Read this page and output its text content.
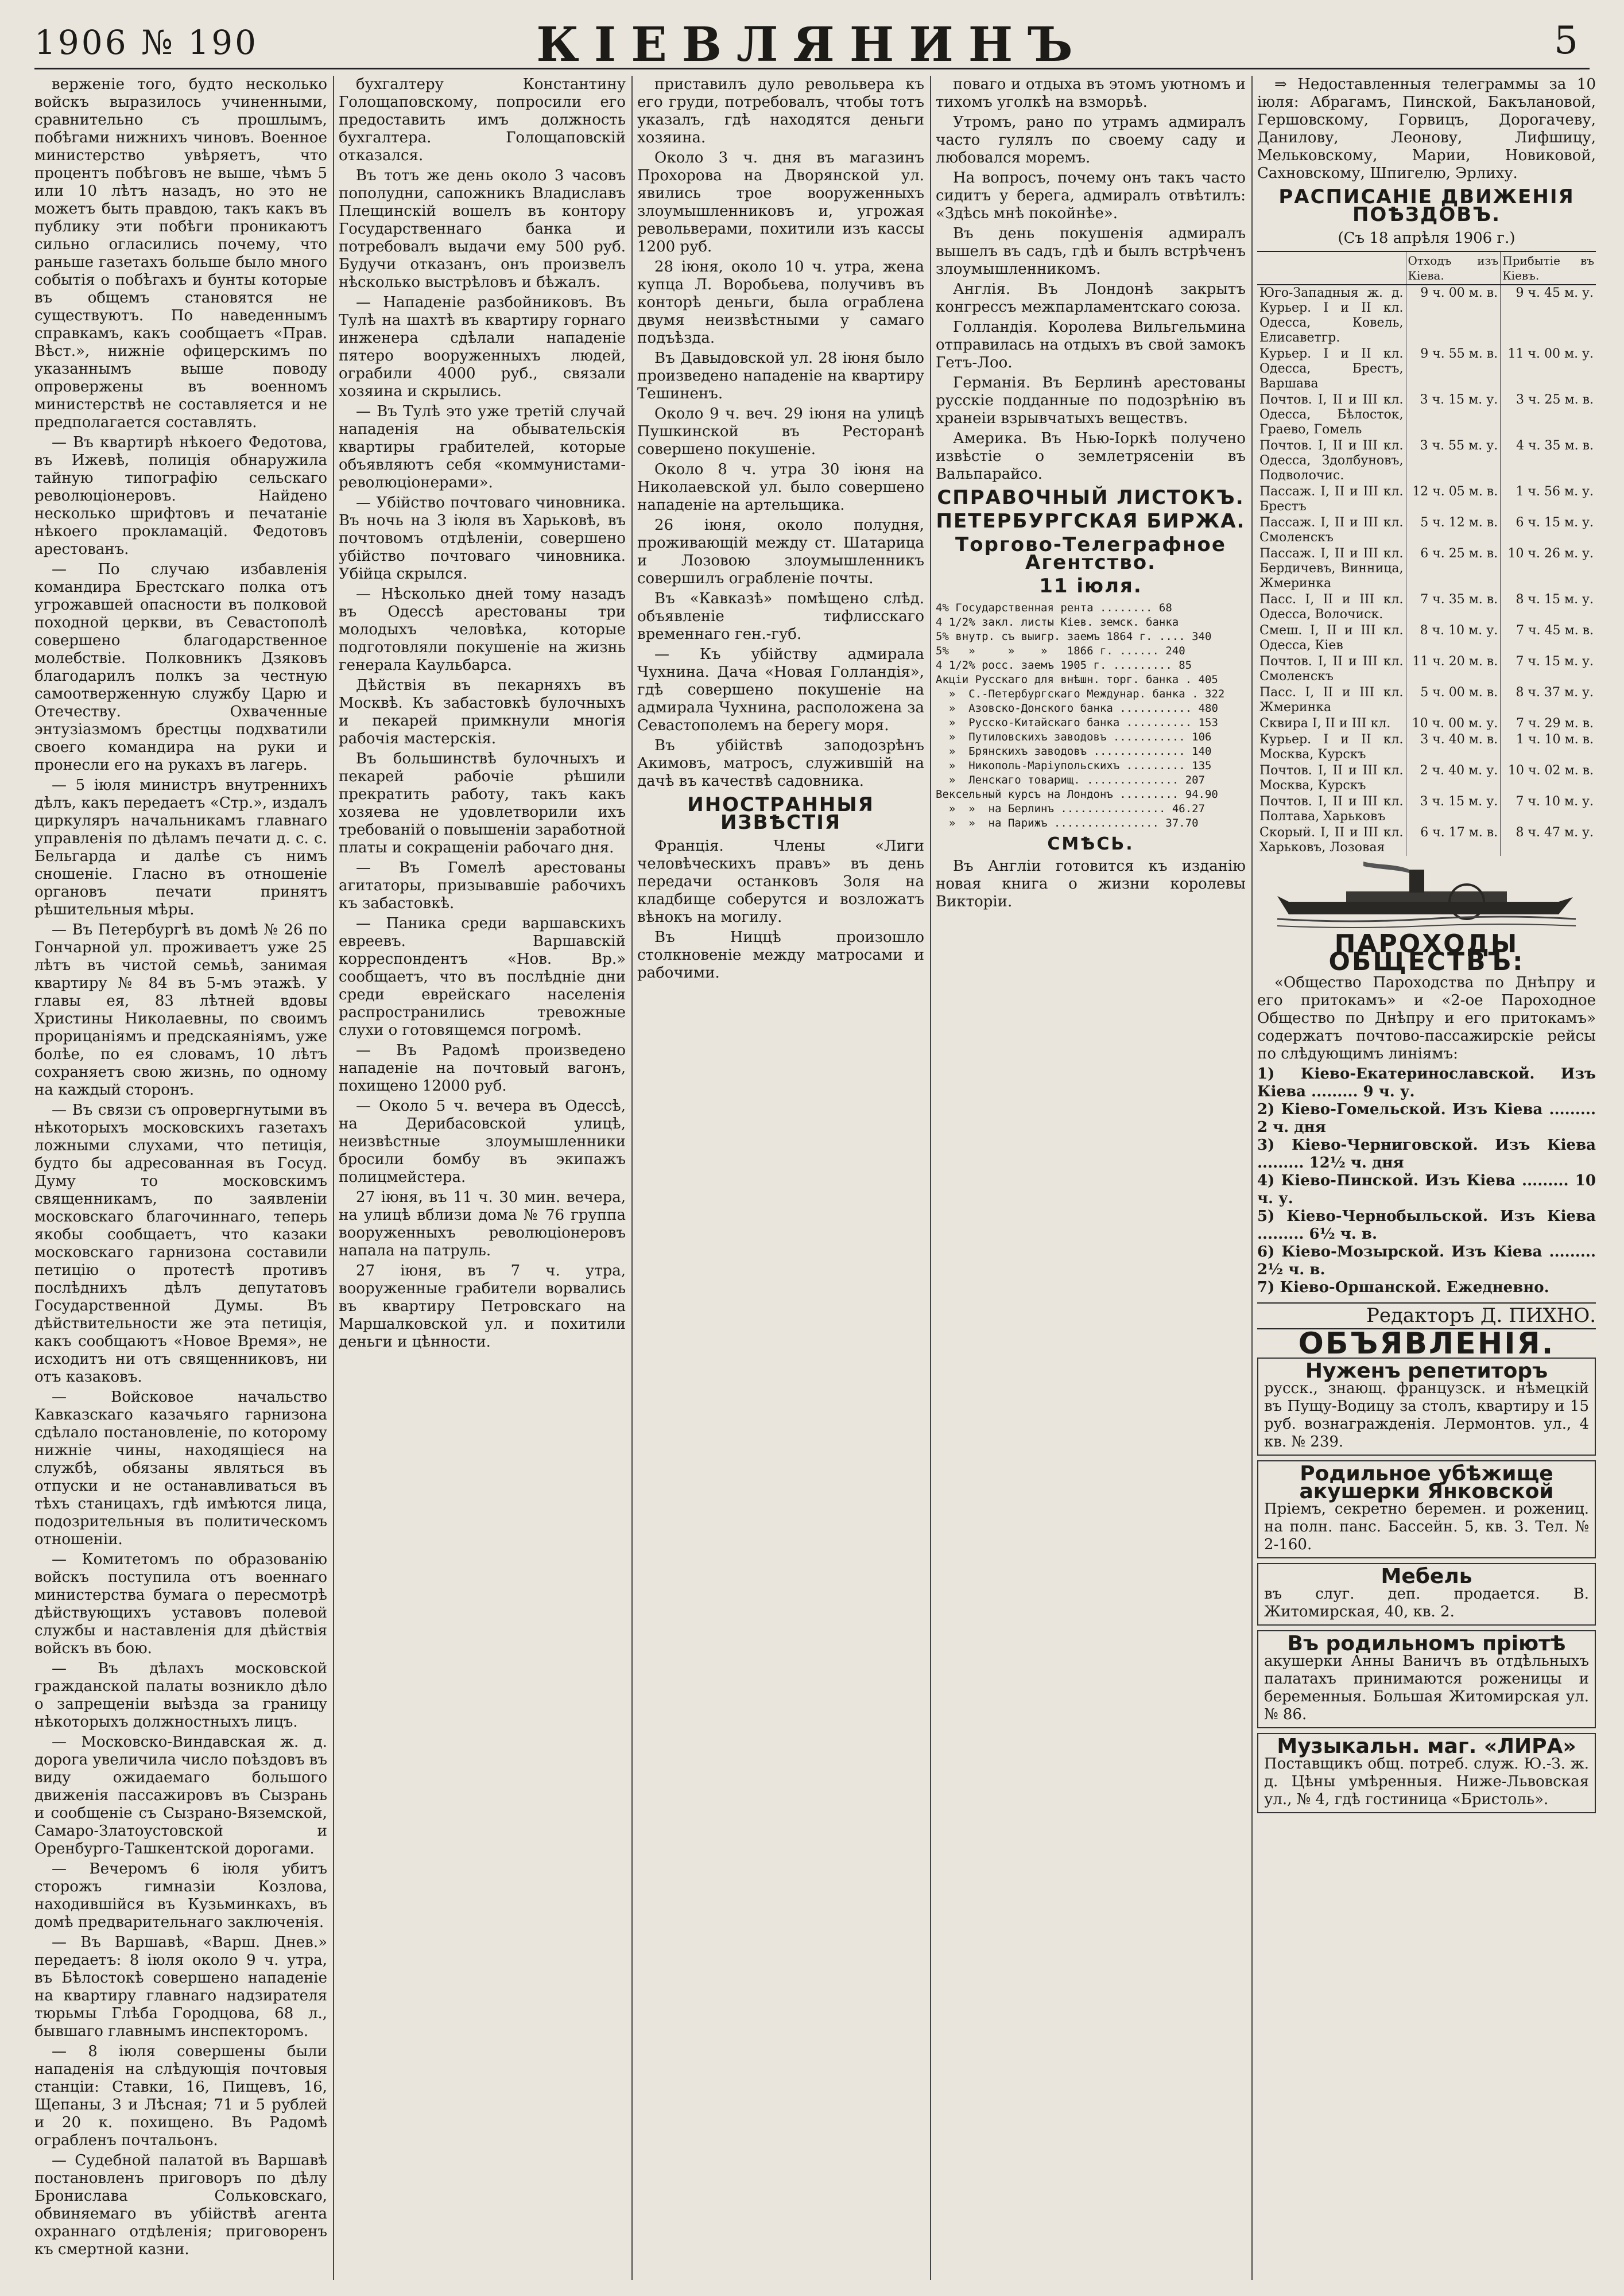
1906 № 190	КІЕВЛЯНИНЪ	5

верженіе того, будто несколько войскъ выразилось учиненными, сравнительно съ прошлымъ, побѣгами нижнихъ чиновъ. Военное министерство увѣряетъ, что процентъ побѣговъ не выше, чѣмъ 5 или 10 лѣтъ назадъ, но это не можетъ быть правдою, такъ какъ въ публику эти побѣги проникаютъ сильно огласились почему, что раньше газетахъ больше было много событія о побѣгахъ и бунты которые въ общемъ становятся не существуютъ. По наведеннымъ справкамъ, какъ сообщаетъ «Прав. Вѣст.», нижніе офицерскимъ по указаннымъ выше поводу опровержены въ военномъ министерствѣ не составляется и не предполагается составлять.

— Въ квартирѣ нѣкоего Федотова, въ Ижевѣ, полиція обнаружила тайную типографію сельскаго революціонеровъ. Найдено несколько шрифтовъ и печатаніе нѣкоего прокламацій. Федотовъ арестованъ.

— По случаю избавленія командира Брестскаго полка отъ угрожавшей опасности въ полковой походной церкви, въ Севастополѣ совершено благодарственное молебствіе. Полковникъ Дзяковъ благодарилъ полкъ за честную самоотверженную службу Царю и Отечеству. Охваченные энтузіазмомъ брестцы подхватили своего командира на руки и пронесли его на рукахъ въ лагерь.

— 5 іюля министръ внутреннихъ дѣлъ, какъ передаетъ «Стр.», издалъ циркуляръ начальникамъ главнаго управленія по дѣламъ печати д. с. с. Бельгарда и далѣе съ нимъ сношеніе. Гласно въ отношеніе органовъ печати принятъ рѣшительныя мѣры.

— Въ Петербургѣ въ домѣ № 26 по Гончарной ул. проживаетъ уже 25 лѣтъ въ чистой семьѣ, занимая квартиру № 84 въ 5-мъ этажѣ. У главы ея, 83 лѣтней вдовы Христины Николаевны, по своимъ прорицаніямъ и предскаяніямъ, уже болѣе, по ея словамъ, 10 лѣтъ сохраняетъ свою жизнь, по одному на каждый сторонъ.

— Въ связи съ опровергнутыми въ нѣкоторыхъ московскихъ газетахъ ложными слухами, что петиція, будто бы адресованная въ Госуд. Думу то московскимъ священникамъ, по заявленіи московскаго благочиннаго, теперь якобы сообщаетъ, что казаки московскаго гарнизона составили петицію о протестѣ противъ послѣднихъ дѣлъ депутатовъ Государственной Думы. Въ дѣйствительности же эта петиція, какъ сообщаютъ «Новое Время», не исходитъ ни отъ священниковъ, ни отъ казаковъ.

— Войсковое начальство Кавказскаго казачьяго гарнизона сдѣлало постановленіе, по которому нижніе чины, находящіеся на службѣ, обязаны являться въ отпуски и не останавливаться въ тѣхъ станицахъ, гдѣ имѣются лица, подозрительныя въ политическомъ отношеніи.

— Комитетомъ по образованію войскъ поступила отъ военнаго министерства бумага о пересмотрѣ дѣйствующихъ уставовъ полевой службы и наставленія для дѣйствія войскъ въ бою.

— Въ дѣлахъ московской гражданской палаты возникло дѣло о запрещеніи выѣзда за границу нѣкоторыхъ должностныхъ лицъ.

— Московско-Виндавская ж. д. дорога увеличила число поѣздовъ въ виду ожидаемаго большого движенія пассажировъ въ Сызрань и сообщеніе съ Сызрано-Вяземской, Самаро-Златоустовской и Оренбурго-Ташкентской дорогами.

— Вечеромъ 6 іюля убитъ сторожъ гимназіи Козлова, находившійся въ Кузьминкахъ, въ домѣ предварительнаго заключенія.

— Въ Варшавѣ, «Варш. Днев.» передаетъ: 8 іюля около 9 ч. утра, въ Бѣлостокѣ совершено нападеніе на квартиру главнаго надзирателя тюрьмы Глѣба Городцова, 68 л., бывшаго главнымъ инспекторомъ.

— 8 іюля совершены были нападенія на слѣдующія почтовыя станціи: Ставки, 16, Пищевъ, 16, Щепаны, 3 и Лѣсная; 71 и 5 рублей и 20 к. похищено. Въ Радомѣ ограбленъ почтальонъ.

— Судебной палатой въ Варшавѣ постановленъ приговоръ по дѣлу Бронислава Сольковскаго, обвиняемаго въ убійствѣ агента охраннаго отдѣленія; приговоренъ къ смертной казни.

бухгалтеру Константину Голощаповскому, попросили его предоставить имъ должность бухгалтера. Голощаповскій отказался.

Въ тотъ же день около 3 часовъ пополудни, сапожникъ Владиславъ Плещинскій вошелъ въ контору Государственнаго банка и потребовалъ выдачи ему 500 руб. Будучи отказанъ, онъ произвелъ нѣсколько выстрѣловъ и бѣжалъ.

— Нападеніе разбойниковъ. Въ Тулѣ на шахтѣ въ квартиру горнаго инженера сдѣлали нападеніе пятеро вооруженныхъ людей, ограбили 4000 руб., связали хозяина и скрылись.

— Въ Тулѣ это уже третій случай нападенія на обывательскія квартиры грабителей, которые объявляютъ себя «коммунистами-революціонерами».

— Убійство почтоваго чиновника. Въ ночь на 3 іюля въ Харьковѣ, въ почтовомъ отдѣленіи, совершено убійство почтоваго чиновника. Убійца скрылся.

— Нѣсколько дней тому назадъ въ Одессѣ арестованы три молодыхъ человѣка, которые подготовляли покушеніе на жизнь генерала Каульбарса.

Дѣйствія въ пекарняхъ въ Москвѣ. Къ забастовкѣ булочныхъ и пекарей примкнули многія рабочія мастерскія.

Въ большинствѣ булочныхъ и пекарей рабочіе рѣшили прекратить работу, такъ какъ хозяева не удовлетворили ихъ требованій о повышеніи заработной платы и сокращеніи рабочаго дня.

— Въ Гомелѣ арестованы агитаторы, призывавшіе рабочихъ къ забастовкѣ.

— Паника среди варшавскихъ евреевъ. Варшавскій корреспондентъ «Нов. Вр.» сообщаетъ, что въ послѣдніе дни среди еврейскаго населенія распространились тревожные слухи о готовящемся погромѣ.

— Въ Радомѣ произведено нападеніе на почтовый вагонъ, похищено 12000 руб.

— Около 5 ч. вечера въ Одессѣ, на Дерибасовской улицѣ, неизвѣстные злоумышленники бросили бомбу въ экипажъ полицмейстера.

27 іюня, въ 11 ч. 30 мин. вечера, на улицѣ вблизи дома № 76 группа вооруженныхъ революціонеровъ напала на патруль.

27 іюня, въ 7 ч. утра, вооруженные грабители ворвались въ квартиру Петровскаго на Маршалковской ул. и похитили деньги и цѣнности.

приставилъ дуло револьвера къ его груди, потребовалъ, чтобы тотъ указалъ, гдѣ находятся деньги хозяина.

Около 3 ч. дня въ магазинъ Прохорова на Дворянской ул. явились трое вооруженныхъ злоумышленниковъ и, угрожая револьверами, похитили изъ кассы 1200 руб.

28 іюня, около 10 ч. утра, жена купца Л. Воробьева, получивъ въ конторѣ деньги, была ограблена двумя неизвѣстными у самаго подъѣзда.

Въ Давыдовской ул. 28 іюня было произведено нападеніе на квартиру Тешиненъ.

Около 9 ч. веч. 29 іюня на улицѣ Пушкинской въ Ресторанѣ совершено покушеніе.

Около 8 ч. утра 30 іюня на Николаевской ул. было совершено нападеніе на артельщика.

26 іюня, около полудня, проживающій между ст. Шатарица и Лозовою злоумышленникъ совершилъ ограбленіе почты.

Въ «Кавказѣ» помѣщено слѣд. объявленіе тифлисскаго временнаго ген.-губ.

— Къ убійству адмирала Чухнина. Дача «Новая Голландія», гдѣ совершено покушеніе на адмирала Чухнина, расположена за Севастополемъ на берегу моря.

Въ убійствѣ заподозрѣнъ Акимовъ, матросъ, служившій на дачѣ въ качествѣ садовника.

ИНОСТРАННЫЯ ИЗВѢСТІЯ

Франція. Члены «Лиги человѣческихъ правъ» въ день передачи останковъ Золя на кладбище соберутся и возложатъ вѣнокъ на могилу.

Въ Ниццѣ произошло столкновеніе между матросами и рабочими.

поваго и отдыха въ этомъ уютномъ и тихомъ уголкѣ на взморьѣ.

Утромъ, рано по утрамъ адмиралъ часто гулялъ по своему саду и любовался моремъ.

На вопросъ, почему онъ такъ часто сидитъ у берега, адмиралъ отвѣтилъ: «Здѣсь мнѣ покойнѣе».

Въ день покушенія адмиралъ вышелъ въ садъ, гдѣ и былъ встрѣченъ злоумышленникомъ.

Англія. Въ Лондонѣ закрытъ конгрессъ межпарламентскаго союза.

Голландія. Королева Вильгельмина отправилась на отдыхъ въ свой замокъ Гетъ-Лоо.

Германія. Въ Берлинѣ арестованы русскіе подданные по подозрѣнію въ хранеіи взрывчатыхъ веществъ.

Америка. Въ Нью-Іоркѣ получено извѣстіе о землетрясеніи въ Вальпарайсо.

СПРАВОЧНЫЙ ЛИСТОКЪ.
ПЕТЕРБУРГСКАЯ БИРЖА.
Торгово-Телеграфное Агентство.
11 іюля.
4% Государственная рента ........ 68
4 1/2% закл. листы Кіев. земск. банка
5% внутр. съ выигр. заемъ 1864 г. .... 340
5%   »     »    »   1866 г. ...... 240
4 1/2% росс. заемъ 1905 г. ......... 85
Акціи Русскаго для внѣшн. торг. банка . 405
»  С.-Петербургскаго Междунар. банка . 322
»  Азовско-Донского банка ........... 480
»  Русско-Китайскаго банка .......... 153
»  Путиловскихъ заводовъ ........... 106
»  Брянскихъ заводовъ .............. 140
»  Никополь-Маріупольскихъ ......... 135
»  Ленскаго товарищ. .............. 207
Вексельный курсъ на Лондонъ ......... 94.90
»  »  на Берлинъ ................ 46.27
»  »  на Парижъ ................ 37.70
СМѢСЬ.

Въ Англіи готовится къ изданію новая книга о жизни королевы Викторіи.

⇒ Недоставленныя телеграммы за 10 іюля: Абрагамъ, Пинской, Бакълановой, Гершовскому, Горвицъ, Дорогачеву, Данилову, Леонову, Лифшицу, Мельковскому, Марии, Новиковой, Сахновскому, Шпигелю, Эрлиху.

РАСПИСАНІЕ ДВИЖЕНІЯ ПОѢЗДОВЪ.
(Съ 18 апрѣля 1906 г.)
	Отходъ изъ Кіева.	Прибытіе въ Кіевъ.
Юго-Западныя ж. д. Курьер. I и II кл. Одесса, Ковель, Елисаветгр.	9 ч. 00 м. в.	9 ч. 45 м. у.
Курьер. I и II кл. Одесса, Брестъ, Варшава	9 ч. 55 м. в.	11 ч. 00 м. у.
Почтов. I, II и III кл. Одесса, Бѣлосток, Граево, Гомель	3 ч. 15 м. у.	3 ч. 25 м. в.
Почтов. I, II и III кл. Одесса, Здолбуновъ, Подволочис.	3 ч. 55 м. у.	4 ч. 35 м. в.
Пассаж. I, II и III кл. Брестъ	12 ч. 05 м. в.	1 ч. 56 м. у.
Пассаж. I, II и III кл. Смоленскъ	5 ч. 12 м. в.	6 ч. 15 м. у.
Пассаж. I, II и III кл. Бердичевъ, Винница, Жмеринка	6 ч. 25 м. в.	10 ч. 26 м. у.
Пасс. I, II и III кл. Одесса, Волочиск.	7 ч. 35 м. в.	8 ч. 15 м. у.
Смеш. I, II и III кл. Одесса, Кіев	8 ч. 10 м. у.	7 ч. 45 м. в.
Почтов. I, II и III кл. Смоленскъ	11 ч. 20 м. в.	7 ч. 15 м. у.
Пасс. I, II и III кл. Жмеринка	5 ч. 00 м. в.	8 ч. 37 м. у.
Сквира I, II и III кл.	10 ч. 00 м. у.	7 ч. 29 м. в.
Курьер. I и II кл. Москва, Курскъ	3 ч. 40 м. в.	1 ч. 10 м. в.
Почтов. I, II и III кл. Москва, Курскъ	2 ч. 40 м. у.	10 ч. 02 м. в.
Почтов. I, II и III кл. Полтава, Харьковъ	3 ч. 15 м. у.	7 ч. 10 м. у.
Скорый. I, II и III кл. Харьковъ, Лозовая	6 ч. 17 м. в.	8 ч. 47 м. у.
ПАРОХОДЫ ОБЩЕСТВЪ:

«Общество Пароходства по Днѣпру и его притокамъ» и «2-ое Пароходное Общество по Днѣпру и его притокамъ» содержатъ почтово-пассажирскіе рейсы по слѣдующимъ линіямъ:

1) Кіево-Екатеринославской. Изъ Кіева ......... 9 ч. у.
2) Кіево-Гомельской. Изъ Кіева ......... 2 ч. дня
3) Кіево-Черниговской. Изъ Кіева ......... 12½ ч. дня
4) Кіево-Пинской. Изъ Кіева ......... 10 ч. у.
5) Кіево-Чернобыльской. Изъ Кіева ......... 6½ ч. в.
6) Кіево-Мозырской. Изъ Кіева ......... 2½ ч. в.
7) Кіево-Оршанской. Ежедневно.
Редакторъ Д. ПИХНО.
ОБЪЯВЛЕНІЯ.
Нуженъ репетиторъ
русск., знающ. французск. и нѣмецкій въ Пущу-Водицу за столъ, квартиру и 15 руб. вознагражденія. Лермонтов. ул., 4 кв. № 239.
Родильное убѣжище акушерки Янковской
Пріемъ, секретно беремен. и рожениц. на полн. панс. Бассейн. 5, кв. 3. Тел. № 2-160.
Мебель
въ слуг. деп. продается. В. Житомирская, 40, кв. 2.
Въ родильномъ пріютѣ
акушерки Анны Ваничъ въ отдѣльныхъ палатахъ принимаются роженицы и беременныя. Большая Житомирская ул. № 86.
Музыкальн. маг. «ЛИРА»
Поставщикъ общ. потреб. служ. Ю.-З. ж. д. Цѣны умѣренныя. Ниже-Львовская ул., № 4, гдѣ гостиница «Бристоль».
